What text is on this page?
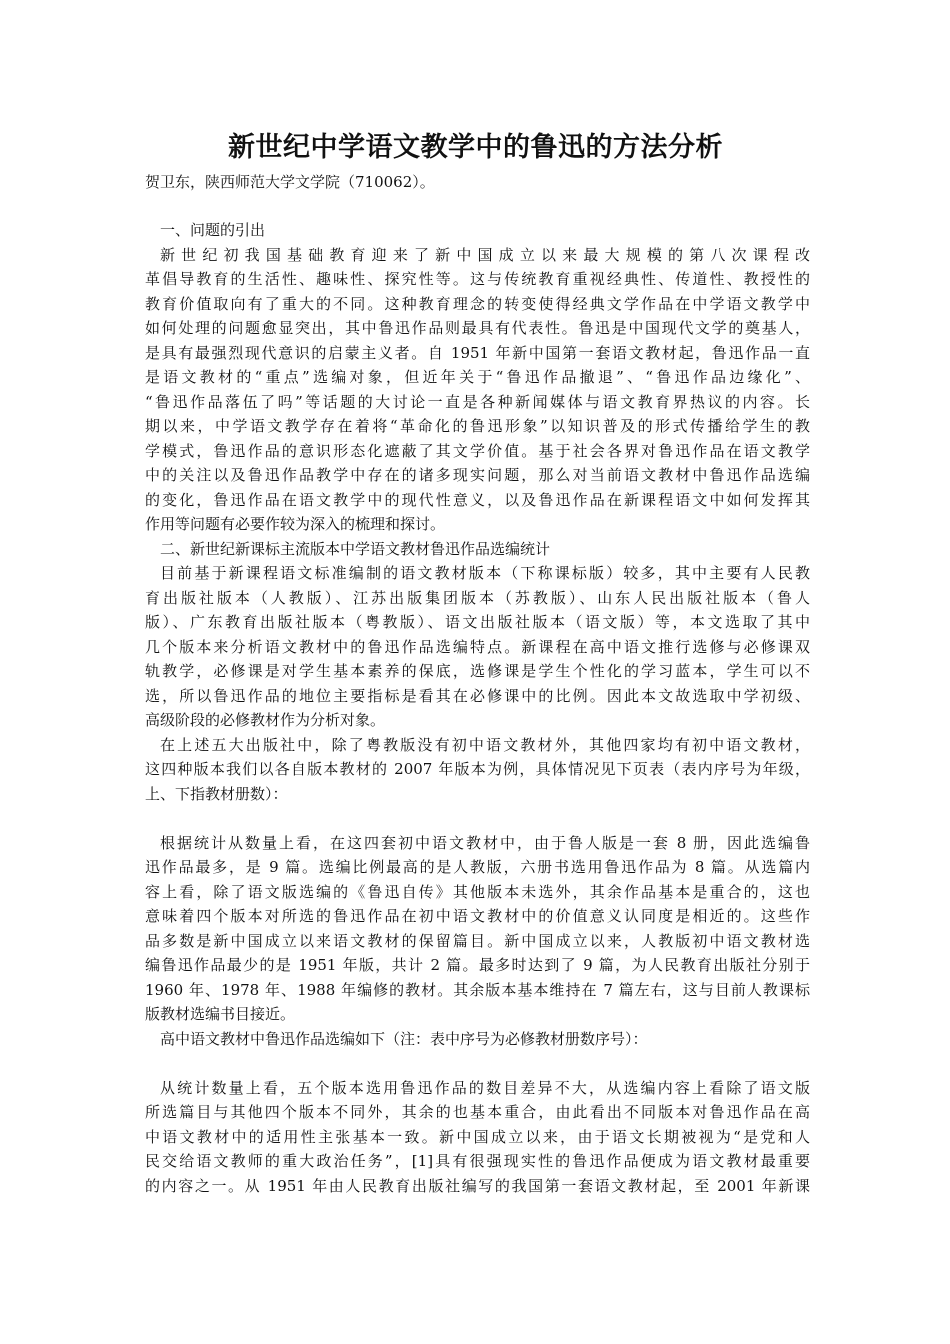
新世纪中学语文教学中的鲁迅的方法分析

贺卫东，陕西师范大学文学院（710062）。

一、问题的引出

新世纪初我国基础教育迎来了新中国成立以来最大规模的第八次课程改
革倡导教育的生活性、趣味性、探究性等。这与传统教育重视经典性、传道性、教授性的
教育价值取向有了重大的不同。这种教育理念的转变使得经典文学作品在中学语文教学中
如何处理的问题愈显突出，其中鲁迅作品则最具有代表性。鲁迅是中国现代文学的奠基人，
是具有最强烈现代意识的启蒙主义者。自 1951 年新中国第一套语文教材起，鲁迅作品一直
是语文教材的“重点”选编对象，但近年关于“鲁迅作品撤退”、“鲁迅作品边缘化”、
“鲁迅作品落伍了吗”等话题的大讨论一直是各种新闻媒体与语文教育界热议的内容。长
期以来，中学语文教学存在着将“革命化的鲁迅形象”以知识普及的形式传播给学生的教
学模式，鲁迅作品的意识形态化遮蔽了其文学价值。基于社会各界对鲁迅作品在语文教学
中的关注以及鲁迅作品教学中存在的诸多现实问题，那么对当前语文教材中鲁迅作品选编
的变化，鲁迅作品在语文教学中的现代性意义，以及鲁迅作品在新课程语文中如何发挥其
作用等问题有必要作较为深入的梳理和探讨。

二、新世纪新课标主流版本中学语文教材鲁迅作品选编统计

目前基于新课程语文标准编制的语文教材版本（下称课标版）较多，其中主要有人民教
育出版社版本（人教版）、江苏出版集团版本（苏教版）、山东人民出版社版本（鲁人
版）、广东教育出版社版本（粤教版）、语文出版社版本（语文版）等，本文选取了其中
几个版本来分析语文教材中的鲁迅作品选编特点。新课程在高中语文推行选修与必修课双
轨教学，必修课是对学生基本素养的保底，选修课是学生个性化的学习蓝本，学生可以不
选，所以鲁迅作品的地位主要指标是看其在必修课中的比例。因此本文故选取中学初级、
高级阶段的必修教材作为分析对象。
在上述五大出版社中，除了粤教版没有初中语文教材外，其他四家均有初中语文教材，
这四种版本我们以各自版本教材的 2007 年版本为例，具体情况见下页表（表内序号为年级，
上、下指教材册数）：
根据统计从数量上看，在这四套初中语文教材中，由于鲁人版是一套 8 册，因此选编鲁
迅作品最多，是 9 篇。选编比例最高的是人教版，六册书选用鲁迅作品为 8 篇。从选篇内
容上看，除了语文版选编的《鲁迅自传》其他版本未选外，其余作品基本是重合的，这也
意味着四个版本对所选的鲁迅作品在初中语文教材中的价值意义认同度是相近的。这些作
品多数是新中国成立以来语文教材的保留篇目。新中国成立以来，人教版初中语文教材选
编鲁迅作品最少的是 1951 年版，共计 2 篇。最多时达到了 9 篇，为人民教育出版社分别于
1960 年、1978 年、1988 年编修的教材。其余版本基本维持在 7 篇左右，这与目前人教课标
版教材选编书目接近。
高中语文教材中鲁迅作品选编如下（注：表中序号为必修教材册数序号）：
从统计数量上看，五个版本选用鲁迅作品的数目差异不大，从选编内容上看除了语文版
所选篇目与其他四个版本不同外，其余的也基本重合，由此看出不同版本对鲁迅作品在高
中语文教材中的适用性主张基本一致。新中国成立以来，由于语文长期被视为“是党和人
民交给语文教师的重大政治任务”，[1]具有很强现实性的鲁迅作品便成为语文教材最重要
的内容之一。从 1951 年由人民教育出版社编写的我国第一套语文教材起，至 2001 年新课
